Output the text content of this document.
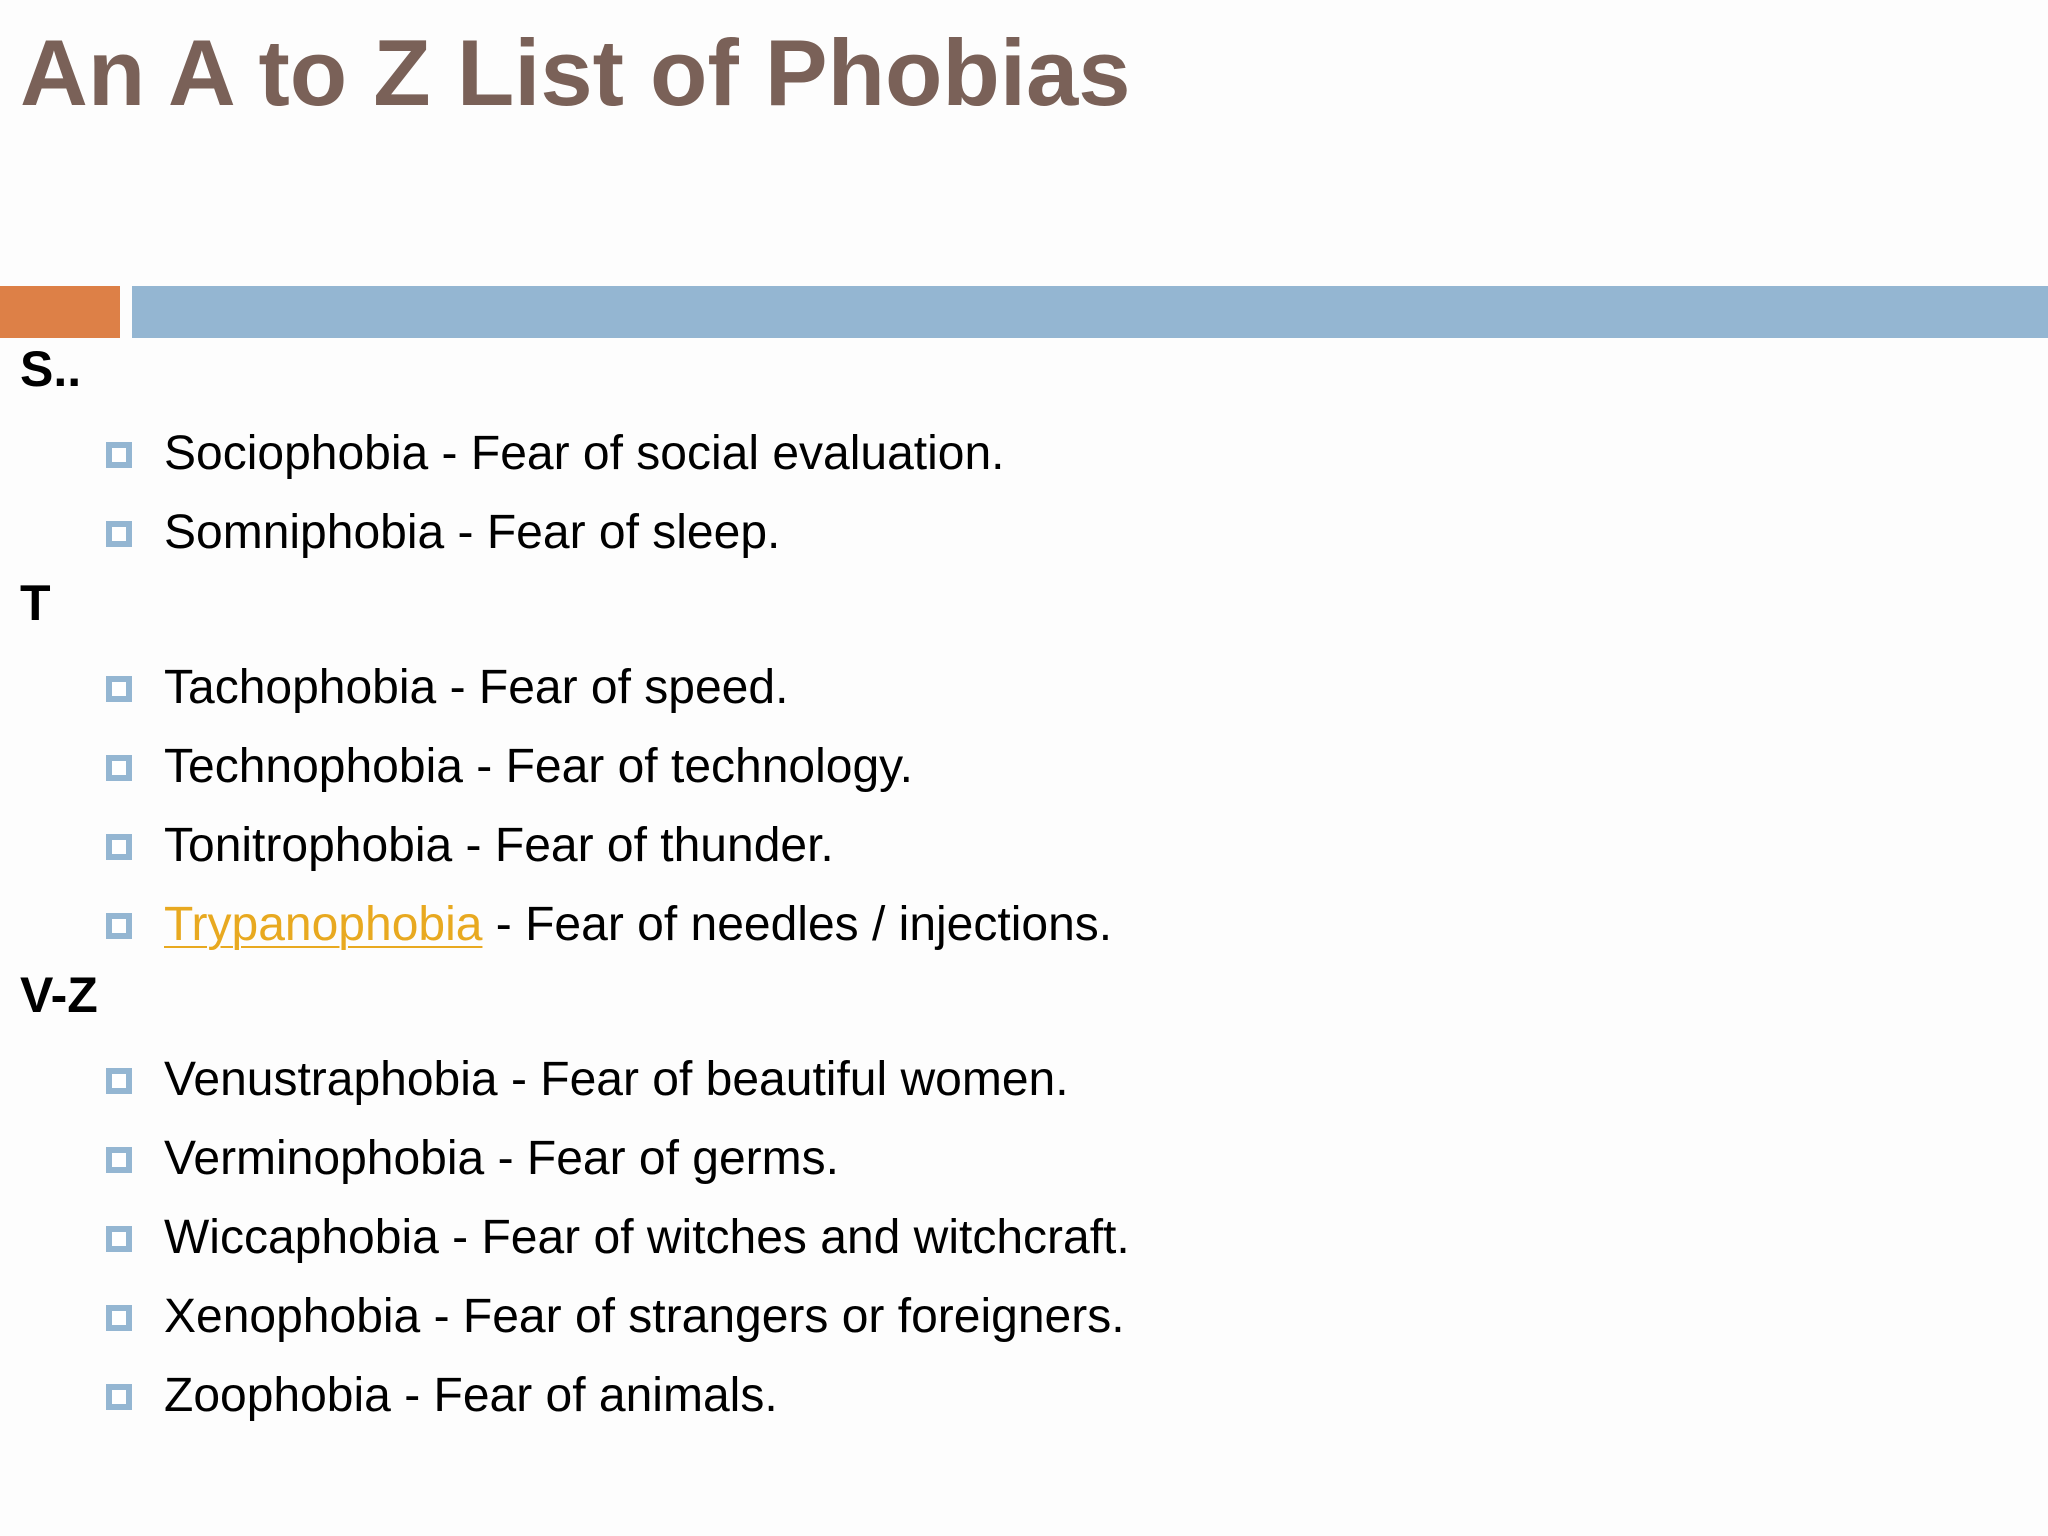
An A to Z List of Phobias
S..
Sociophobia - Fear of social evaluation.
Somniphobia - Fear of sleep.
T
Tachophobia - Fear of speed.
Technophobia - Fear of technology.
Tonitrophobia - Fear of thunder.
Trypanophobia - Fear of needles / injections.
V-Z
Venustraphobia - Fear of beautiful women.
Verminophobia - Fear of germs.
Wiccaphobia - Fear of witches and witchcraft.
Xenophobia - Fear of strangers or foreigners.
Zoophobia - Fear of animals.
